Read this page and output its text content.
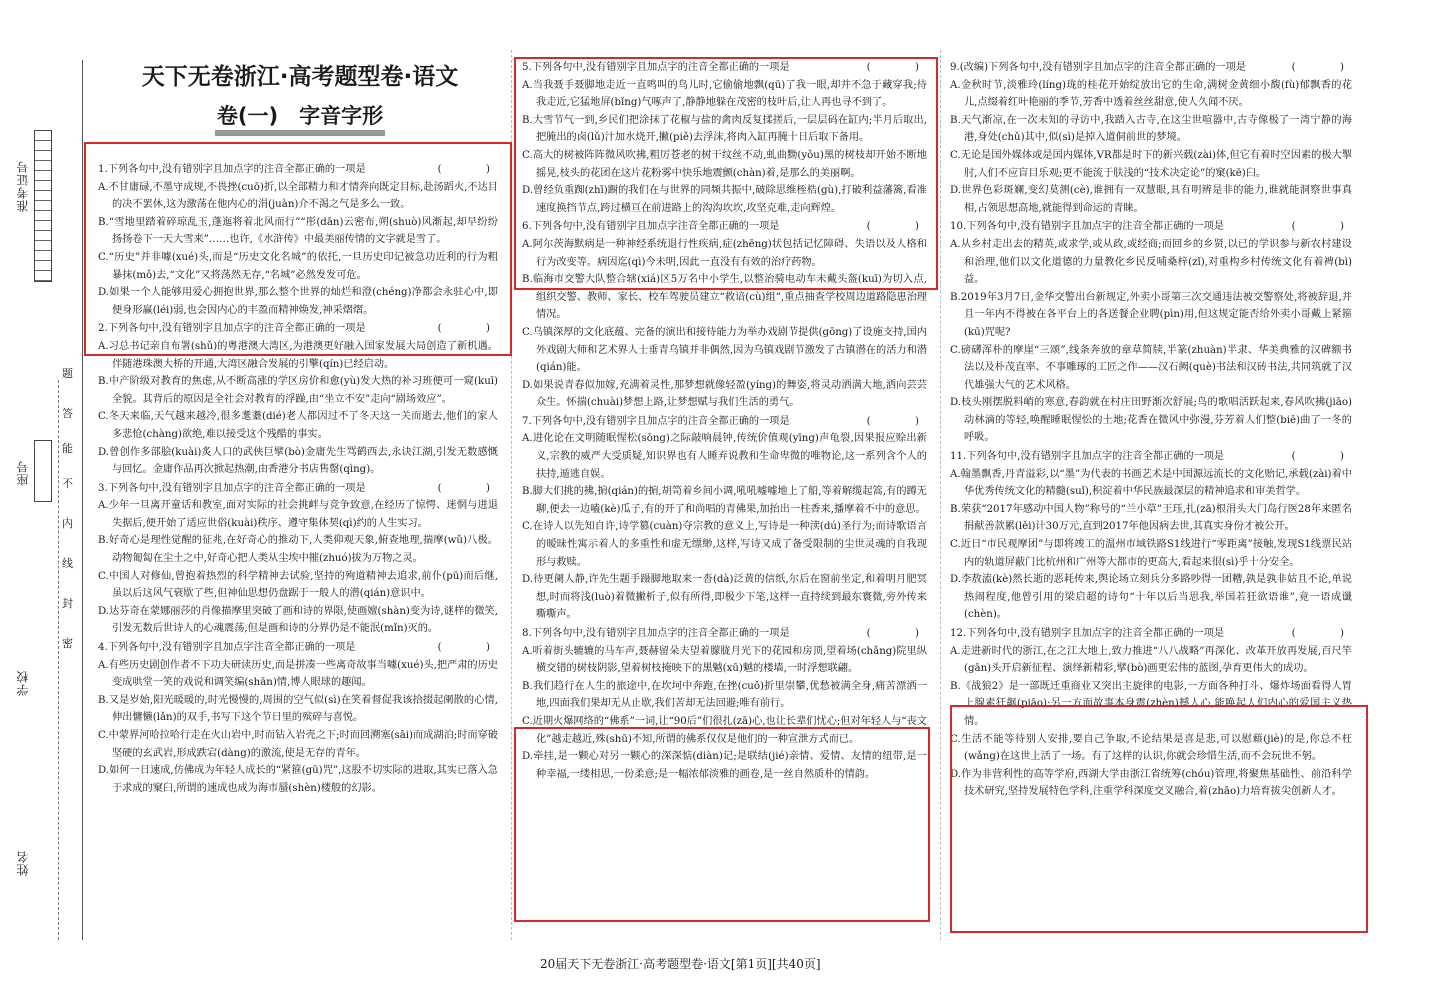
准考证号
座号
学校
姓名
题
答
能
不
内
线
封
密
天下无卷浙江·高考题型卷·语文
卷(一)　字音字形

(　　)
1.下列各句中,没有错别字且加点字的注音全都正确的一项是

A.不甘庸碌,不墨守成规,不畏挫(cuō)折,以全部精力和才情奔向既定目标,赴汤蹈火,不达目的决不罢休,这为激荡在他内心的涓(juàn)介不渴之气是多么一致。

B.“雪地里踏着碎琼乱玉,蓬迤将着北风而行”“彤(dān)云密布,朔(shuò)风渐起,却早纷纷扬扬卷下一天大雪来”……也许,《水浒传》中最美丽传情的文字就是雪了。

C.“历史”并非噱(xué)头,而是“历史文化名城”的依托,一旦历史印记被急功近利的行为粗暴抹(mǒ)去,“文化”又将荡然无存,“名城”必然发发可危。

D.如果一个人能够用爱心拥抱世界,那么整个世界的灿烂和澄(chéng)净都会永驻心中,即便身形赢(léi)弱,也会因内心的丰盈而精神焕发,神采熠熠。

(　　)
2.下列各句中,没有错别字且加点字的注音全都正确的一项是

A.习总书记亲自布署(shǔ)的粤港澳大湾区,为港澳更好融入国家发展大局创造了新机遇。伴随港珠澳大桥的开通,大湾区融合发展的引擎(qín)已经启动。

B.中产阶级对教育的焦虑,从不断高涨的学区房价和愈(yù)发大热的补习班便可一窥(kuī)全貌。其背后的原因是全社会对教育的浮躁,由“坐立不安”走向“剧场效应”。

C.冬天来临,天气越来越冷,很多耄耋(dié)老人都因过不了冬天这一关而逝去,他们的家人多悲怆(chàng)欲绝,难以接受这个残酷的事实。

D.曾创作多部脍(kuài)炙人口的武侠巨擘(bò)金庸先生骂鹤西去,永诀江湖,引发无数感慨与回忆。金庸作品再次掀起热潮,由香港分书店售罄(qìng)。

(　　)
3.下列各句中,没有错别字且加点字的注音全都正确的一项是

A.少年一旦离开童话和教室,面对实际的社会挑衅与竞争致意,在经历了惊愕、迷惘与进退失据后,便开始了适应世俗(kuài)秩序、遵守集体契(qì)约的人生实习。

B.好奇心是理性觉醒的征兆,在好奇心的推动下,人类仰观天象,俯查地理,揣摩(wǔ)八极。动物匍匐在尘土之中,好奇心把人类从尘埃中摧(zhuó)拔为万物之灵。

C.中国人对修仙,曾抱着热烈的科学精神去试验,坚持的殉道精神去追求,前仆(pū)而后继,虽以后这风气衰歇了些,但神仙思想仍盘踞于一般人的潜(qián)意识中。

D.达芬奇在蒙娜丽莎的肖像描摩里突破了画和诗的界限,使画嬗(shàn)变为诗,谜样的微笑,引发无数后世诗人的心魂震荡,但是画和诗的分界仍是不能泯(mǐn)灭的。

(　　)
4.下列各句中,没有错别字且加点字注音全都正确的一项是

A.有些历史剧创作者不下功夫研读历史,而是拼凑一些离奇故事当噱(xué)头,把严肃的历史变成哄堂一笑的戏说和调笑编(shān)情,博人眼球的趣闻。

B.又是岁始,阳光暖暖的,时光慢慢的,周围的空气似(sì)在笑着督促我该拾掇起阑散的心情,伸出慵懒(lǎn)的双手,书写下这个节日里的殡碎与喜悦。

C.中蒙界河哈拉哈行走在火山岩中,时而钻入岩壳之下;时而回溯塞(sāi)而成湖泊;时而穿破坚硬的玄武岩,形成跌宕(dàng)的激流,使是无存的青年。

D.如何一日速成,仿佛成为年轻人成长的“紧箍(gū)咒”,这股不切实际的进取,其实已落入急于求成的窠臼,所谓的速成也成为海市蜃(shèn)楼般的幻影。

(　　)
5.下列各句中,没有错别字且加点字的注音全都正确的一项是

A.当我聂手聂脚地走近一直鸣叫的鸟儿时,它偷偷地飘(qū)了我一眼,却并不急于藏穿我;待我走近,它猛地屏(bǐng)气啄声了,静静地躲在茂密的枝叶后,让人再也寻不到了。

B.大雪节气一到,乡民们把涂抹了花椒与盐的禽肉反复揉搓后,一层层码在缸内;半月后取出,把腌出的卤(lǔ)汁加水烧开,撇(piě)去浮沫,将肉入缸再腌十日后取下备用。

C.高大的树被阵阵微风吹拂,粗厉苍老的树干纹丝不动,虬曲黝(yǒu)黑的树枝却开始不断地摇晃,枝头的花团在这片花粉雾中快乐地震颤(chàn)着,是那么的美丽啊。

D.曾经负重踟(zhī)蹰的我们在与世界的同频共振中,破除思维桎梏(gù),打破利益藩篱,看准速度换挡节点,跨过横亘在前进路上的沟沟坎坎,攻坚克难,走向辉煌。

(　　)
6.下列各句中,没有错别字且加点字注音全都正确的一项是

A.阿尔茨海默病是一种神经系统退行性疾病,症(zhēng)状包括记忆障碍、失语以及人格和行为改变等。病因迄(qì)今未明,因此一直没有有效的治疗药物。

B.临海市交警大队整合辖(xiá)区5万名中小学生,以整治骑电动车未戴头盔(kuī)为切入点,组织交警、教师、家长、校车驾驶员建立“救谙(cù)组”,重点抽查学校周边道路隐患治理情况。

C.乌镇深厚的文化底蕴、完备的演出和接待能力为举办戏剧节提供(gōng)了设施支持,国内外戏剧大师和艺术界人士垂青乌镇并非偶然,因为乌镇戏剧节激发了古镇潜在的活力和潜(qián)能。

D.如果说青春似加嫁,充满着灵性,那梦想就像轻盈(yíng)的舞姿,将灵动洒满大地,洒向芸芸众生。怀揣(chuài)梦想上路,让梦想赋与我们生活的勇气。

(　　)
7.下列各句中,没有错别字且加点字的注音全都正确的一项是

A.进化论在文明随眠惺松(sōng)之际敲响晨钟,传统价值观(yīng)声龟裂,因果报应赊出新义,宗教的威严大受质疑,知识界也有人睡弃说教和生命卑微的唯物论,这一系列含个人的扶持,遁逃自娱。

B.脚大们挑的拂,掮(qián)的掮,胡笥着乡间小调,吼吼嘘嘘地上了船,等着解缆起篙,有的蹲无聊,便去一边嗑(kè)瓜子,有的开了和尚唱的青佛果,加抬出一柱香来,播摩着不中的意思。

C.在诗人以先知自许,诗学篡(cuàn)夺宗教的意义上,写诗是一种渎(dú)圣行为;而诗歌语言的暧昧性寓示着人的多重性和虚无缥缈,这样,写诗又成了备受限制的尘世灵魂的自我现形与救赎。

D.待更阑人静,许先生题手蹑脚地取来一沓(dà)泛黄的信纸,尔后在窗前坐定,和着明月肥冥想,时而将浅(luò)着微撇析子,似有所得,即极少下笔,这样一直持续到最东寰微,旁外传来嘶嘶声。

(　　)
8.下列各句中,没有错别字且加点字的注音全都正确的一项是

A.听着街头辘辘的马车声,聂赫留朵夫望着朦胧月光下的花园和房顶,望着场(chǎng)院里纵横交错的树枝阴影,望着树枝掩映下的黑魆(xū)魆的楼墙,一时浮想联翩。

B.我们趋行在人生的旅途中,在坎坷中奔跑,在挫(cuǒ)折里崇攀,优愁被满全身,痛苦漂洒一地,四面我们果却无从止歇,我们苦却无法回避;唯有前行。

C.近期火爆网络的“佛系”一词,让“90后”们很扎(zā)心,也让长辈们忧心;但对年轻人与“丧文化”越走越近,殊(shū)不知,所谓的佛系仅仅是他们的一种宣泄方式而已。

D.牵挂,是一颗心对另一颗心的深深惦(diàn)记;是联结(jié)亲情、爱情、友情的纽带,是一种幸福,一缕相思,一份柔意;是一幅浓郁淡雅的画卷,是一丝自然质朴的情韵。

(　　)
9.(改编)下列各句中,没有错别字且加点字的注音全都正确的一项是

A.金秋时节,淡雅玲(líng)珑的桂花开始绽放出它的生命,满树金黄细小馥(fù)郁飘香的花儿,点缀着红叶艳丽的季节,芳香中透着丝丝甜意,使人久闻不厌。

B.天气渐凉,在一次未知的寻访中,我踏入古寺,在这尘世喧嚣中,古寺像极了一湾宁静的海港,身处(chǔ)其中,似(sì)是掉入道侗前世的梦境。

C.无论是国外媒体或是国内媒体,VR都是时下的新兴载(zài)体,但它有着时空因素的极大掣肘,人们不应盲目乐观;更不能流于肤浅的“技术决定论”的窠(kē)臼。

D.世界色彩斑斓,变幻莫测(cè),谁拥有一双慧眼,具有明辨是非的能力,谁就能洞察世事真相,占领思想高地,就能得到命运的青睐。

(　　)
10.下列各句中,没有错别字且加点字的注音全都正确的一项是

A.从乡村走出去的精英,或求学,或从政,或经商;而回乡的乡贤,以已的学识参与新农村建设和治理,他们以文化道德的力量教化乡民反哺桑梓(zǐ),对重构乡村传统文化有着裨(bì)益。

B.2019年3月7日,金华交警出台新规定,外卖小哥第三次交通违法被交警察处,将被辞退,并且一年内不得被在各平台上的各送餐企业聘(pìn)用,但这规定能否给外卖小哥戴上紧箍(kū)咒呢?

C.磅礴浑朴的摩崖“三颂”,线条奔放的章草简牍,半篆(zhuàn)半隶、华美典雅的汉碑额书法以及朴茂直率、不事雕琢的工匠之作——汉石阙(què)书法和汉砖书法,共同筑就了汉代雄强大气的艺术风格。

D.枝头刚摆脱料峭的寒意,春韵就在村庄田野渐次舒展;鸟的歌唱活跃起来,春风吹拂(jiāo)动林滴的等轻,唤醒睡眠惺忪的土地;花香在微风中弥漫,芬芳着人们整(biē)曲了一冬的呼吸。

(　　)
11.下列各句中,没有错别字且加点字的注音全都正确的一项是

A.翰墨飘香,丹青溢彩,以“墨”为代表的书画艺术是中国源远流长的文化贻记,承载(zài)着中华优秀传统文化的精髓(suǐ),积淀着中华民族最深层的精神追求和审美哲学。

B.荣获“2017年感动中国人物”称号的“兰小草”王珏,扎(zā)根涓头大门岛行医28年来匿名捐献善款累(lěi)计30万元,直到2017年他因病去世,其真实身份才被公开。

C.近日“市民观摩团”与即将竣工的温州市域铁路S1线进行“零距离”接触,发现S1线票民站内的轨道屏蔽门比杭州和广州等大都市的更高大,看起来很(sì)乎十分安全。

D.李敖溘(kè)然长逝的恶耗传来,舆论场立刻兵分多路吵得一团糟,孰是孰非姑且不论,单说热闹程度,他曾引用的梁启超的诗句“十年以后当思我,举国若狂欲语谁”,竟一语成谶(chèn)。

(　　)
12.下列各句中,没有错别字且加点字的注音全都正确的一项是

A.走进新时代的浙江,在之江大地上,致力推进“八八战略”再深化、改革开放再发展,百尺竿(gān)头开启新征程、演绎新精彩,擘(bò)画更宏伟的蓝图,孕育更伟大的成功。

B.《战狼2》是一部既迁重商业又突出主旋律的电影,一方面各种打斗、爆炸场面看得人胃上腺素狂飙(piāo);另一方面故事本身震(zhèn)撼人心,能唤起人们内心的爱国主义热情。

C.生活不能等待别人安排,要自己争取,不论结果是喜是悲,可以慰藉(jiè)的是,你总不枉(wǎng)在这世上活了一场。有了这样的认识,你就会珍惜生活,而不会玩世不躬。

D.作为非营利性的高等学府,西湖大学由浙江省统筹(chóu)管理,将聚焦基础性、前沿科学技术研究,坚持发展特色学科,注重学科深度交叉融合,着(zhāo)力培育拔尖创新人才。

20届天下无卷浙江·高考题型卷·语文[第1页][共40页]
